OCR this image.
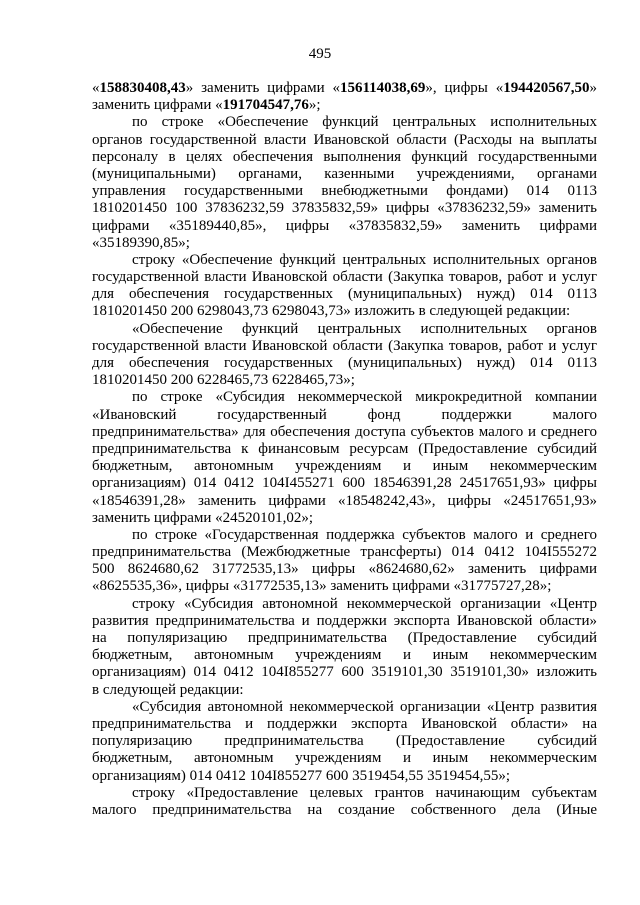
495
«158830408,43» заменить цифрами «156114038,69», цифры «194420567,50»
заменить цифрами «191704547,76»;
по строке «Обеспечение функций центральных исполнительных
органов государственной власти Ивановской области (Расходы на выплаты
персоналу в целях обеспечения выполнения функций государственными
(муниципальными) органами, казенными учреждениями, органами
управления государственными внебюджетными фондами) 014 0113
1810201450 100 37836232,59 37835832,59» цифры «37836232,59» заменить
цифрами «35189440,85», цифры «37835832,59» заменить цифрами
«35189390,85»;
строку «Обеспечение функций центральных исполнительных органов
государственной власти Ивановской области (Закупка товаров, работ и услуг
для обеспечения государственных (муниципальных) нужд) 014 0113
1810201450 200 6298043,73 6298043,73» изложить в следующей редакции:
«Обеспечение функций центральных исполнительных органов
государственной власти Ивановской области (Закупка товаров, работ и услуг
для обеспечения государственных (муниципальных) нужд) 014 0113
1810201450 200 6228465,73 6228465,73»;
по строке «Субсидия некоммерческой микрокредитной компании
«Ивановский государственный фонд поддержки малого
предпринимательства» для обеспечения доступа субъектов малого и среднего
предпринимательства к финансовым ресурсам (Предоставление субсидий
бюджетным, автономным учреждениям и иным некоммерческим
организациям) 014 0412 104I455271 600 18546391,28 24517651,93» цифры
«18546391,28» заменить цифрами «18548242,43», цифры «24517651,93»
заменить цифрами «24520101,02»;
по строке «Государственная поддержка субъектов малого и среднего
предпринимательства (Межбюджетные трансферты) 014 0412 104I555272
500 8624680,62 31772535,13» цифры «8624680,62» заменить цифрами
«8625535,36», цифры «31772535,13» заменить цифрами «31775727,28»;
строку «Субсидия автономной некоммерческой организации «Центр
развития предпринимательства и поддержки экспорта Ивановской области»
на популяризацию предпринимательства (Предоставление субсидий
бюджетным, автономным учреждениям и иным некоммерческим
организациям) 014 0412 104I855277 600 3519101,30 3519101,30» изложить
в следующей редакции:
«Субсидия автономной некоммерческой организации «Центр развития
предпринимательства и поддержки экспорта Ивановской области» на
популяризацию предпринимательства (Предоставление субсидий
бюджетным, автономным учреждениям и иным некоммерческим
организациям) 014 0412 104I855277 600 3519454,55 3519454,55»;
строку «Предоставление целевых грантов начинающим субъектам
малого предпринимательства на создание собственного дела (Иные
